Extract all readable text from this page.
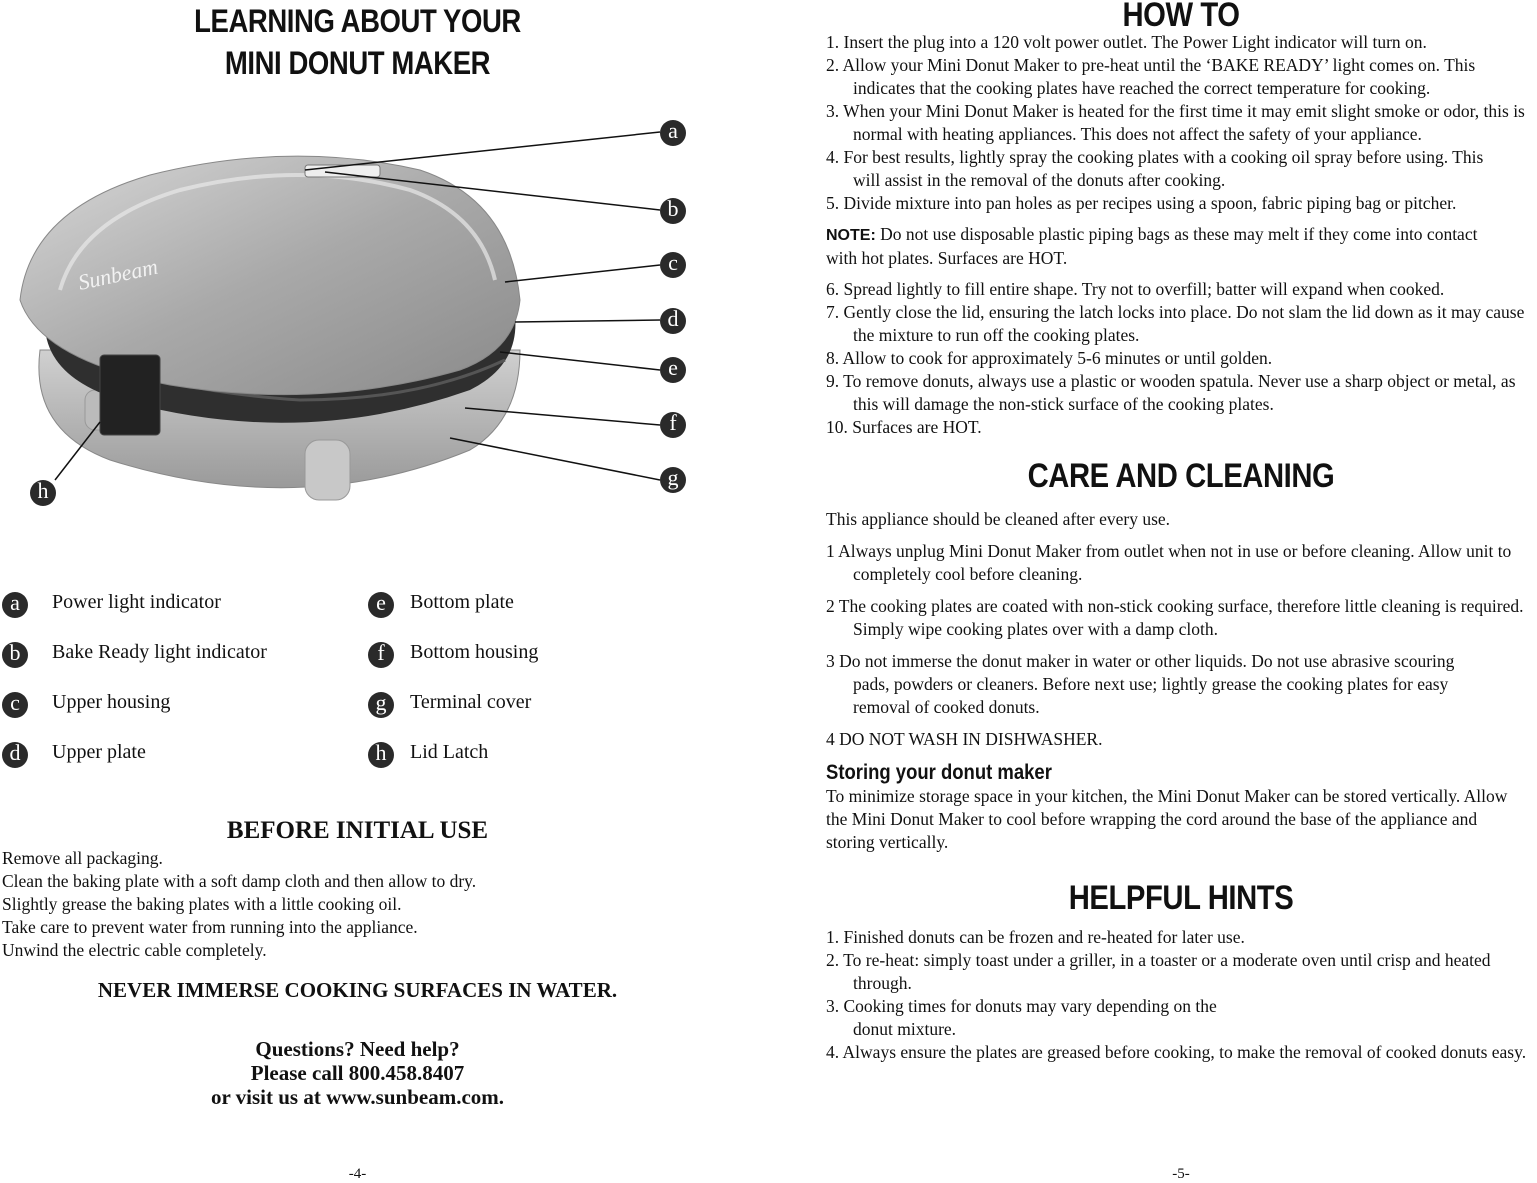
LEARNING ABOUT YOUR
MINI DONUT MAKER
Sunbeam
a
b
c
d
e
f
g
h
a	Power light indicator
b	Bake Ready light indicator
c	Upper housing
d	Upper plate
e	Bottom plate
f	Bottom housing
g	Terminal cover
h	Lid Latch
BEFORE INITIAL USE
Remove all packaging.
Clean the baking plate with a soft damp cloth and then allow to dry.
Slightly grease the baking plates with a little cooking oil.
Take care to prevent water from running into the appliance.
Unwind the electric cable completely.
NEVER IMMERSE COOKING SURFACES IN WATER.
Questions? Need help?
Please call 800.458.8407
or visit us at www.sunbeam.com.
-4-
HOW TO

1. Insert the plug into a 120 volt power outlet. The Power Light indicator will turn on.

2. Allow your Mini Donut Maker to pre-heat until the ‘BAKE READY’ light comes on. This indicates that the cooking plates have reached the correct temperature for cooking.

3. When your Mini Donut Maker is heated for the first time it may emit slight smoke or odor, this is normal with heating appliances. This does not affect the safety of your appliance.

4. For best results, lightly spray the cooking plates with a cooking oil spray before using. This will assist in the removal of the donuts after cooking.

5. Divide mixture into pan holes as per recipes using a spoon, fabric piping bag or pitcher.

NOTE: Do not use disposable plastic piping bags as these may melt if they come into contact with hot plates. Surfaces are HOT.

6. Spread lightly to fill entire shape. Try not to overfill; batter will expand when cooked.

7. Gently close the lid, ensuring the latch locks into place. Do not slam the lid down as it may cause the mixture to run off the cooking plates.

8. Allow to cook for approximately 5-6 minutes or until golden.

9. To remove donuts, always use a plastic or wooden spatula. Never use a sharp object or metal, as this will damage the non-stick surface of the cooking plates.

10. Surfaces are HOT.

CARE AND CLEANING

This appliance should be cleaned after every use.

1 Always unplug Mini Donut Maker from outlet when not in use or before cleaning. Allow unit to completely cool before cleaning.

2 The cooking plates are coated with non-stick cooking surface, therefore little cleaning is required. Simply wipe cooking plates over with a damp cloth.

3 Do not immerse the donut maker in water or other liquids. Do not use abrasive scouring pads, powders or cleaners. Before next use; lightly grease the cooking plates for easy removal of cooked donuts.

4 DO NOT WASH IN DISHWASHER.

Storing your donut maker

To minimize storage space in your kitchen, the Mini Donut Maker can be stored vertically. Allow the Mini Donut Maker to cool before wrapping the cord around the base of the appliance and storing vertically.

HELPFUL HINTS

1. Finished donuts can be frozen and re-heated for later use.

2. To re-heat: simply toast under a griller, in a toaster or a moderate oven until crisp and heated through.

3. Cooking times for donuts may vary depending on the donut mixture.

4. Always ensure the plates are greased before cooking, to make the removal of cooked donuts easy.

-5-
